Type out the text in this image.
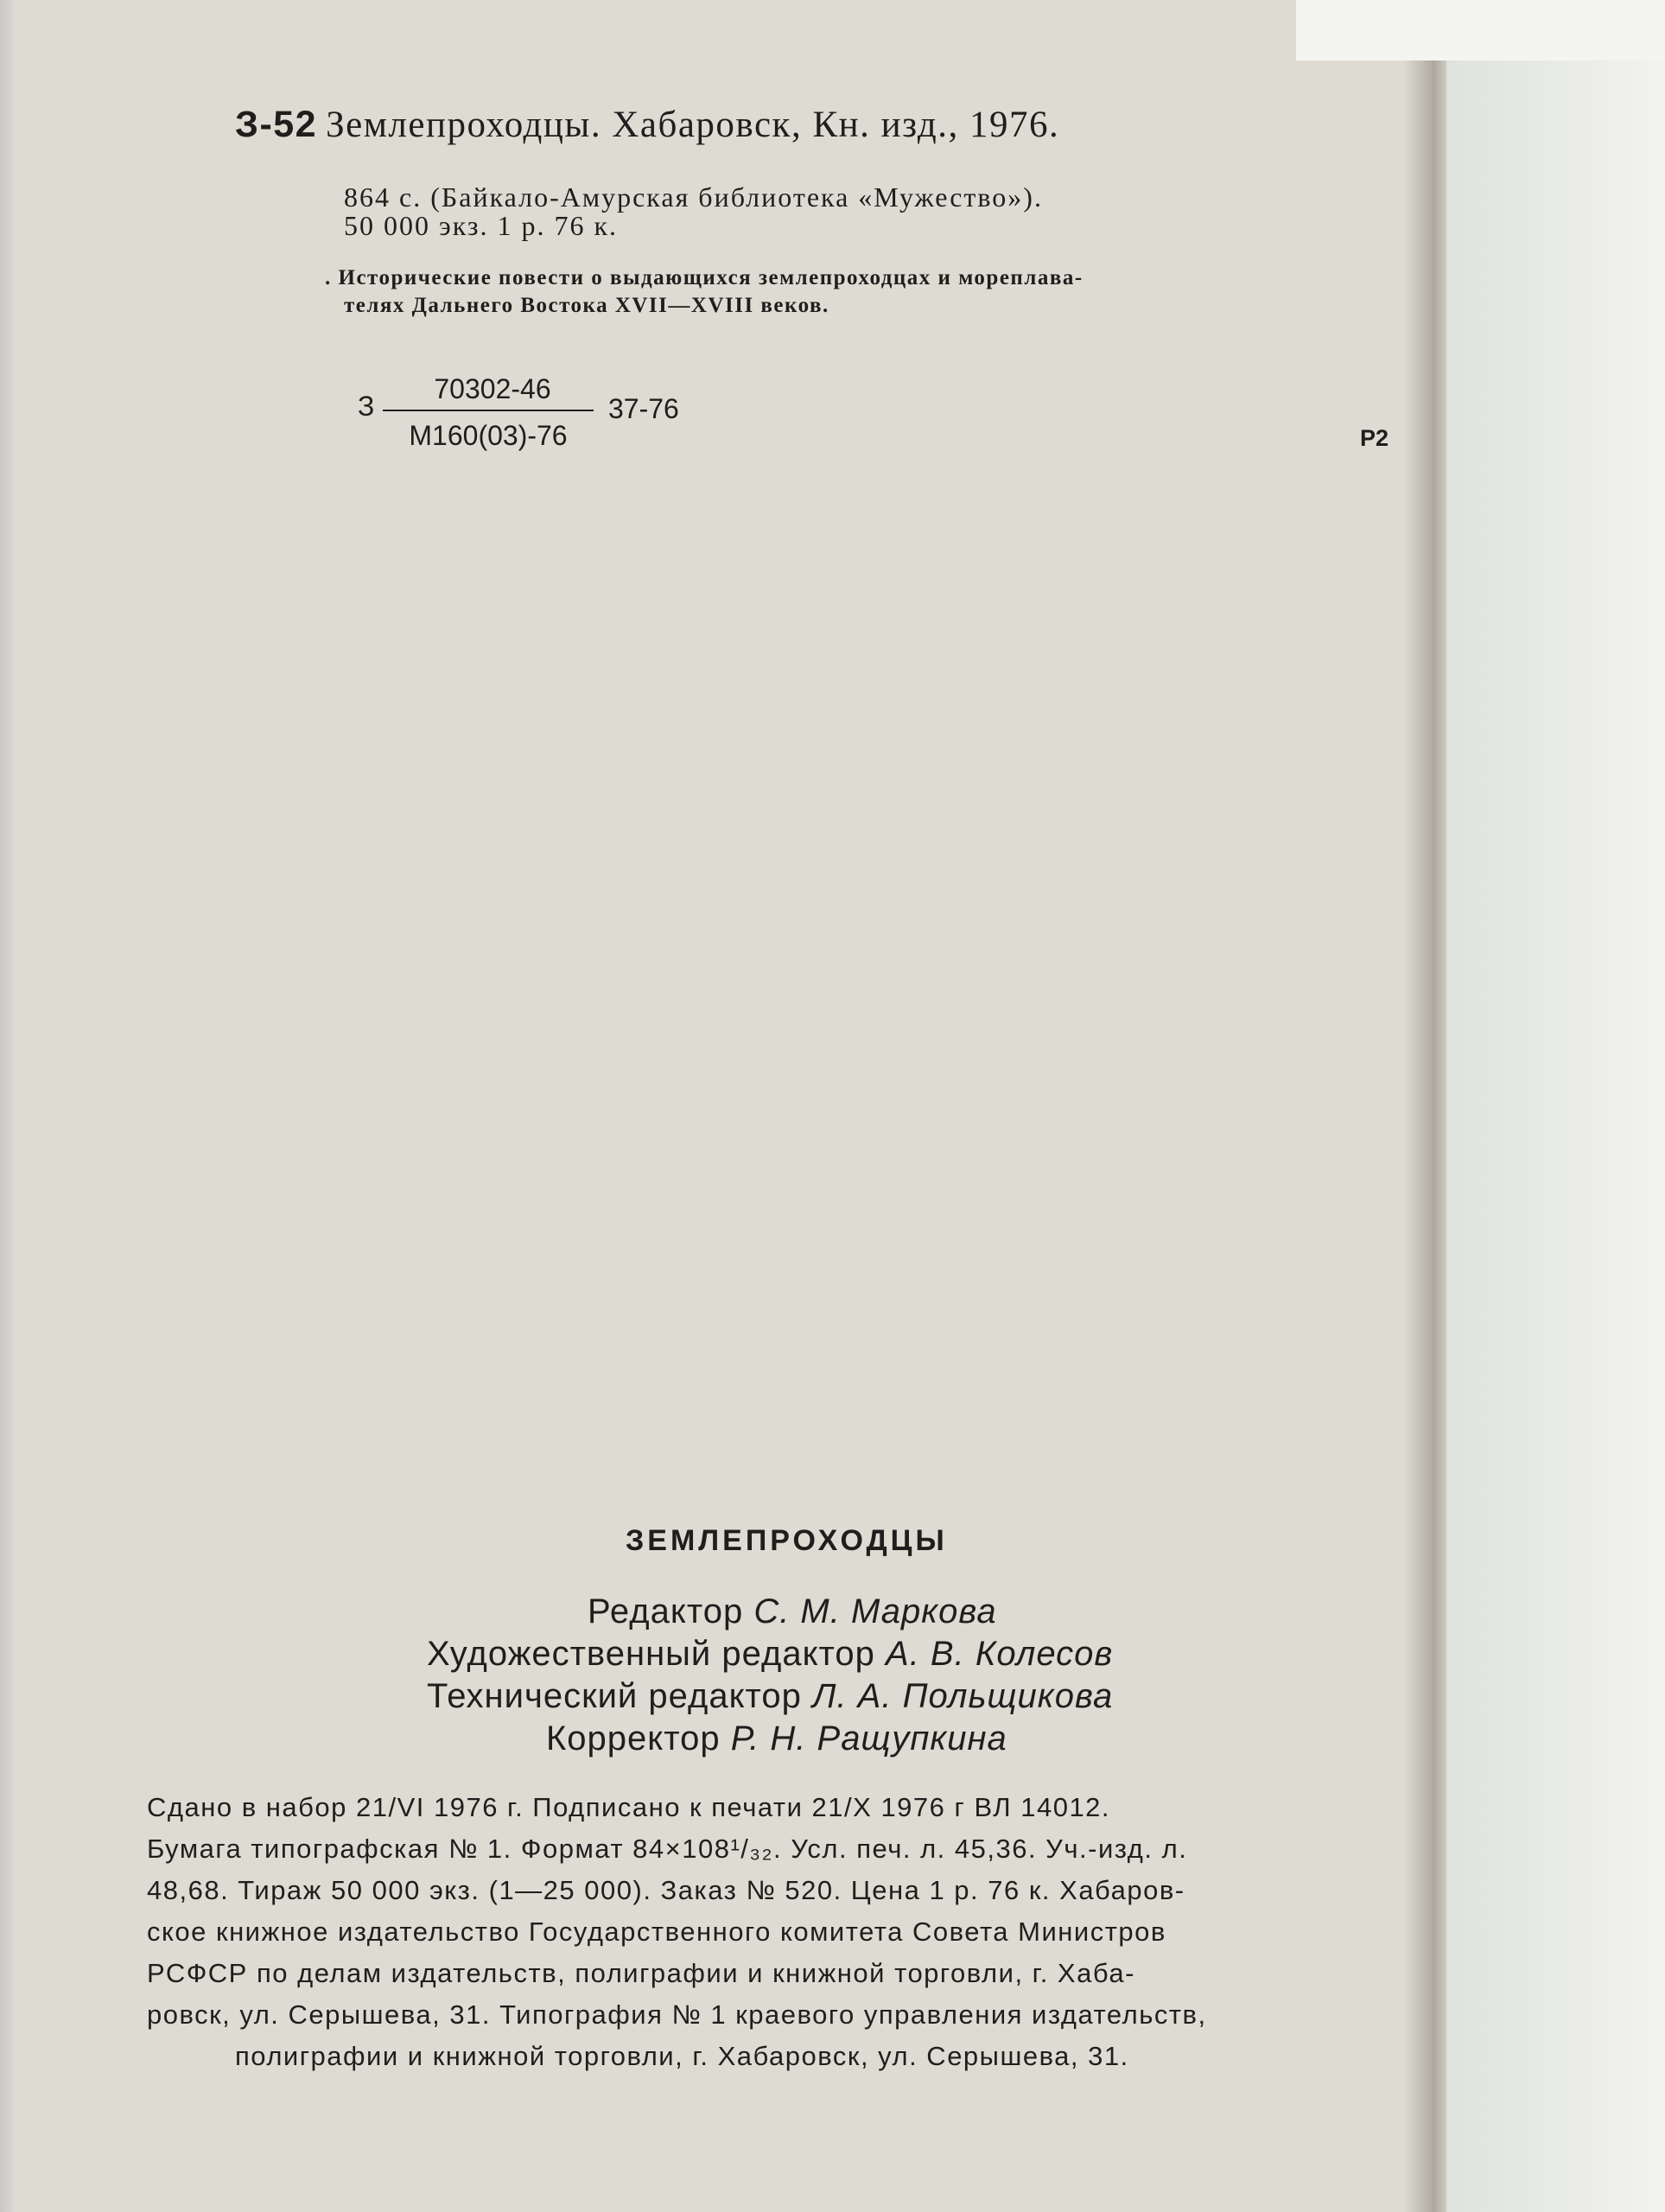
З-52 Землепроходцы. Хабаровск, Кн. изд., 1976.

864 с. (Байкало-Амурская библиотека «Мужество»).

50 000 экз. 1 р. 76 к.

. Исторические повести о выдающихся землепроходцах и мореплава-

телях Дальнего Востока XVII—XVIII веков.

З

70302-46

М160(03)-76

37-76

Р2

ЗЕМЛЕПРОХОДЦЫ

Редактор С. М. Маркова

Художественный редактор А. В. Колесов

Технический редактор Л. А. Польщикова

Корректор Р. Н. Ращупкина

Сдано в набор 21/VI 1976 г. Подписано к печати 21/X 1976 г ВЛ 14012.

Бумага типографская № 1. Формат 84×108¹/₃₂. Усл. печ. л. 45,36. Уч.-изд. л.

48,68. Тираж 50 000 экз. (1—25 000). Заказ № 520. Цена 1 р. 76 к. Хабаров-

ское книжное издательство Государственного комитета Совета Министров

РСФСР по делам издательств, полиграфии и книжной торговли, г. Хаба-

ровск, ул. Серышева, 31. Типография № 1 краевого управления издательств,

полиграфии и книжной торговли, г. Хабаровск, ул. Серышева, 31.
